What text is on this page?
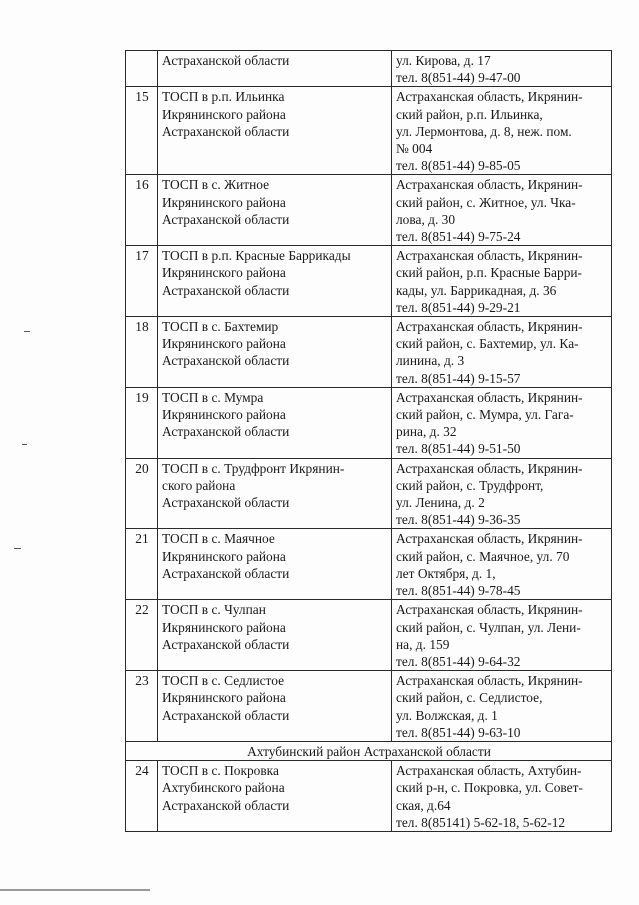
	Астраханской области	ул. Кирова, д. 17
тел. 8(851-44) 9-47-00

15	ТОСП в р.п. Ильинка
Икрянинского района
Астраханской области	Астраханская область, Икрянин-
ский район, р.п. Ильинка,
ул. Лермонтова, д. 8, неж. пом.
№ 004
тел. 8(851-44) 9-85-05

16	ТОСП в с. Житное
Икрянинского района
Астраханской области	Астраханская область, Икрянин-
ский район, с. Житное, ул. Чка-
лова, д. 30
тел. 8(851-44) 9-75-24

17	ТОСП в р.п. Красные Баррикады
Икрянинского района
Астраханской области	Астраханская область, Икрянин-
ский район, р.п. Красные Барри-
кады, ул. Баррикадная, д. 36
тел. 8(851-44) 9-29-21

18	ТОСП в с. Бахтемир
Икрянинского района
Астраханской области	Астраханская область, Икрянин-
ский район, с. Бахтемир, ул. Ка-
линина, д. 3
тел. 8(851-44) 9-15-57

19	ТОСП в с. Мумра
Икрянинского района
Астраханской области	Астраханская область, Икрянин-
ский район, с. Мумра, ул. Гага-
рина, д. 32
тел. 8(851-44) 9-51-50

20	ТОСП в с. Трудфронт Икрянин-
ского района
Астраханской области	Астраханская область, Икрянин-
ский район, с. Трудфронт,
ул. Ленина, д. 2
тел. 8(851-44) 9-36-35

21	ТОСП в с. Маячное
Икрянинского района
Астраханской области	Астраханская область, Икрянин-
ский район, с. Маячное, ул. 70
лет Октября, д. 1,
тел. 8(851-44) 9-78-45

22	ТОСП в с. Чулпан
Икрянинского района
Астраханской области	Астраханская область, Икрянин-
ский район, с. Чулпан, ул. Лени-
на, д. 159
тел. 8(851-44) 9-64-32

23	ТОСП в с. Седлистое
Икрянинского района
Астраханской области	Астраханская область, Икрянин-
ский район, с. Седлистое,
ул. Волжская, д. 1
тел. 8(851-44) 9-63-10

Ахтубинский район Астраханской области		
24	ТОСП в с. Покровка
Ахтубинского района
Астраханской области	Астраханская область, Ахтубин-
ский р-н, с. Покровка, ул. Совет-
ская, д.64
тел. 8(85141) 5-62-18, 5-62-12
